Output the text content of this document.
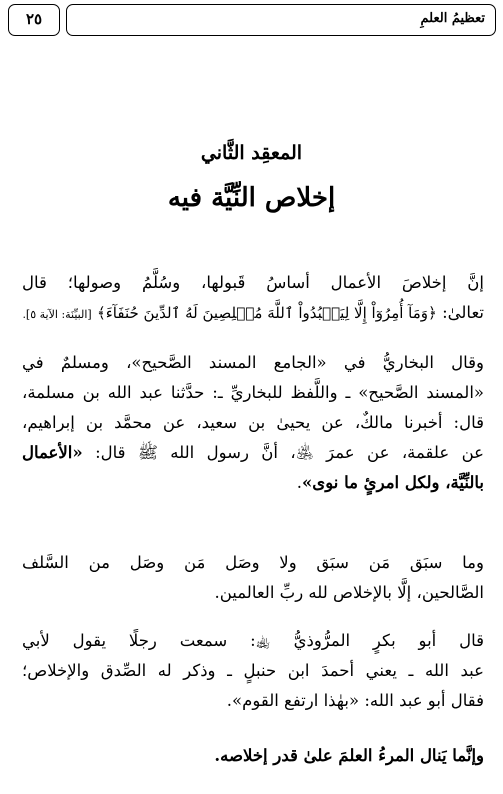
تعظيمُ العلمِ
٢٥
المعقِد الثَّاني
إخلاص النِّيَّة فيه
إنَّ إخلاصَ الأعمال أساسُ قَبولها، وسُلَّمُ وصولها؛ قال
تعالىٰ: ﴿وَمَآ أُمِرُوٓاْ إِلَّا لِيَعۡبُدُواْ ٱللَّهَ مُخۡلِصِينَ لَهُ ٱلدِّينَ حُنَفَآءَ﴾ [البيِّنَة: الآية ٥].
وقال البخاريُّ في «الجامع المسند الصَّحيح»، ومسلمٌ في
«المسند الصَّحيح» ـ واللَّفظ للبخاريِّ ـ: حدَّثنا عبد الله بن مسلمة،
قال: أخبرنا مالكٌ، عن يحيىٰ بن سعيد، عن محمَّد بن إبراهيم،
عن علقمة، عن عمرَ ﵁، أنَّ رسول الله ﷺ قال: «الأعمال
بالنِّيَّة، ولكل امرئٍ ما نوى».
وما سبَق مَن سبَق ولا وصَل مَن وصَل من السَّلف
الصَّالحين، إلَّا بالإخلاص لله ربِّ العالمين.
قال أبو بكرٍ المرُّوذيُّ ﵀: سمعت رجلًا يقول لأبي
عبد الله ـ يعني أحمدَ ابن حنبلٍ ـ وذكر له الصِّدق والإخلاص؛
فقال أبو عبد الله: «بهٰذا ارتفع القوم».
وإنَّما يَنال المرءُ العلمَ علىٰ قدر إخلاصه.
